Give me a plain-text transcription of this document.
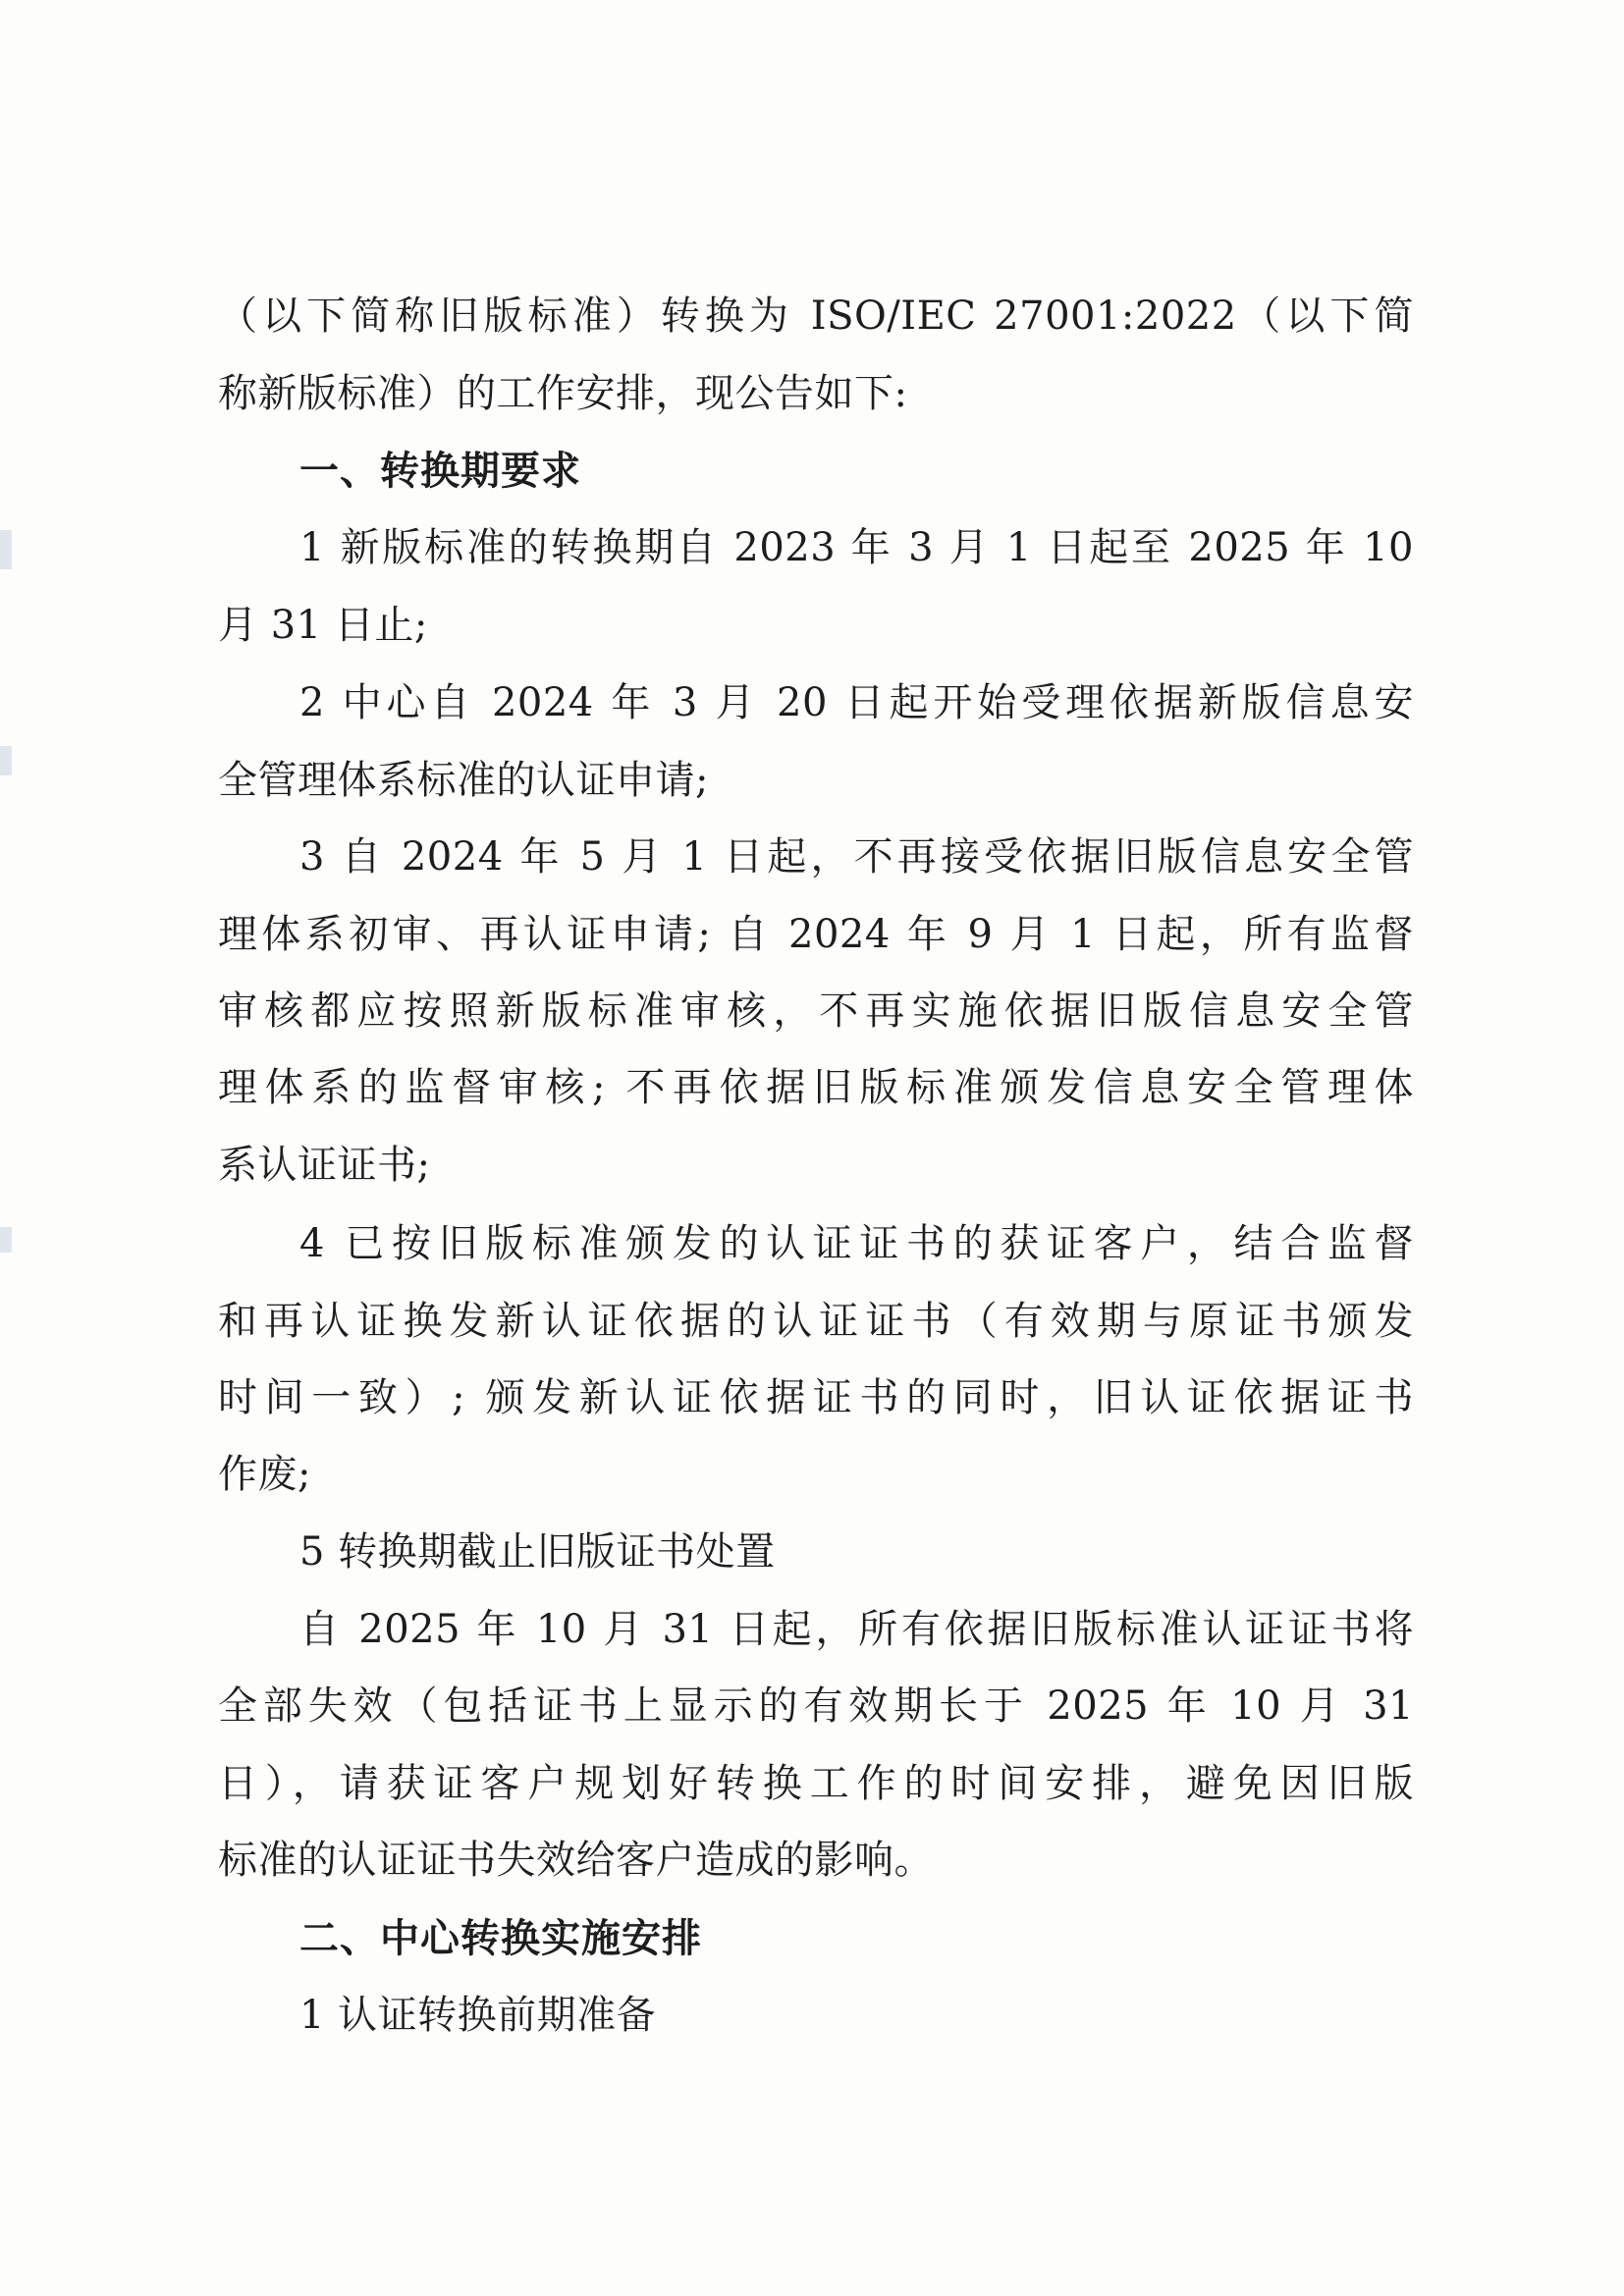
（以下简称旧版标准）转换为 ISO/IEC 27001:2022（以下简
称新版标准）的工作安排，现公告如下:
一、转换期要求
1 新版标准的转换期自 2023 年 3 月 1 日起至 2025 年 10
月 31 日止;
2 中心自 2024 年 3 月 20 日起开始受理依据新版信息安
全管理体系标准的认证申请;
3 自 2024 年 5 月 1 日起，不再接受依据旧版信息安全管
理体系初审、再认证申请; 自 2024 年 9 月 1 日起，所有监督
审核都应按照新版标准审核，不再实施依据旧版信息安全管
理体系的监督审核; 不再依据旧版标准颁发信息安全管理体
系认证证书;
4 已按旧版标准颁发的认证证书的获证客户，结合监督
和再认证换发新认证依据的认证证书（有效期与原证书颁发
时间一致）; 颁发新认证依据证书的同时，旧认证依据证书
作废;
5 转换期截止旧版证书处置
自 2025 年 10 月 31 日起，所有依据旧版标准认证证书将
全部失效（包括证书上显示的有效期长于 2025 年 10 月 31
日），请获证客户规划好转换工作的时间安排，避免因旧版
标准的认证证书失效给客户造成的影响。
二、中心转换实施安排
1 认证转换前期准备
